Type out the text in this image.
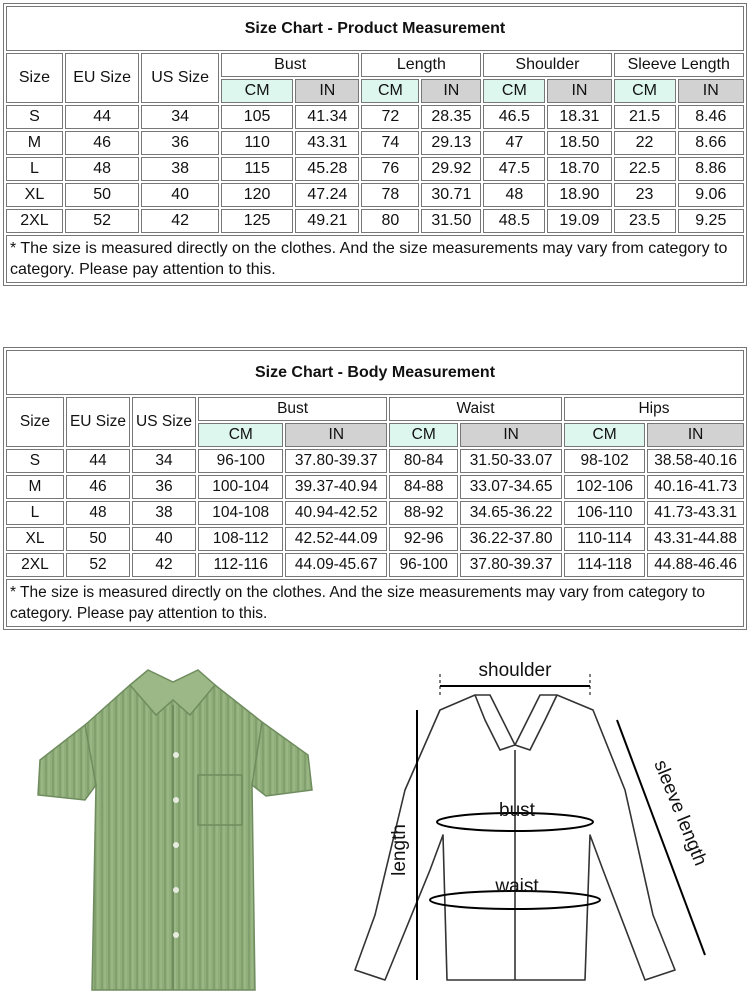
Size Chart - Product Measurement										
Size	EU Size	US Size	Bust		Length		Shoulder		Sleeve Length	
			CM	IN	CM	IN	CM	IN	CM	IN
S	44	34	105	41.34	72	28.35	46.5	18.31	21.5	8.46
M	46	36	110	43.31	74	29.13	47	18.50	22	8.66
L	48	38	115	45.28	76	29.92	47.5	18.70	22.5	8.86
XL	50	40	120	47.24	78	30.71	48	18.90	23	9.06
2XL	52	42	125	49.21	80	31.50	48.5	19.09	23.5	9.25
* The size is measured directly on the clothes. And the size measurements may vary from category to category. Please pay attention to this.										
Size Chart - Body Measurement								
Size	EU Size	US Size	Bust		Waist		Hips	
			CM	IN	CM	IN	CM	IN
S	44	34	96-100	37.80-39.37	80-84	31.50-33.07	98-102	38.58-40.16
M	46	36	100-104	39.37-40.94	84-88	33.07-34.65	102-106	40.16-41.73
L	48	38	104-108	40.94-42.52	88-92	34.65-36.22	106-110	41.73-43.31
XL	50	40	108-112	42.52-44.09	92-96	36.22-37.80	110-114	43.31-44.88
2XL	52	42	112-116	44.09-45.67	96-100	37.80-39.37	114-118	44.88-46.46
* The size is measured directly on the clothes. And the size measurements may vary from category to category. Please pay attention to this.								
shoulder
bust
waist
length	sleeve length
